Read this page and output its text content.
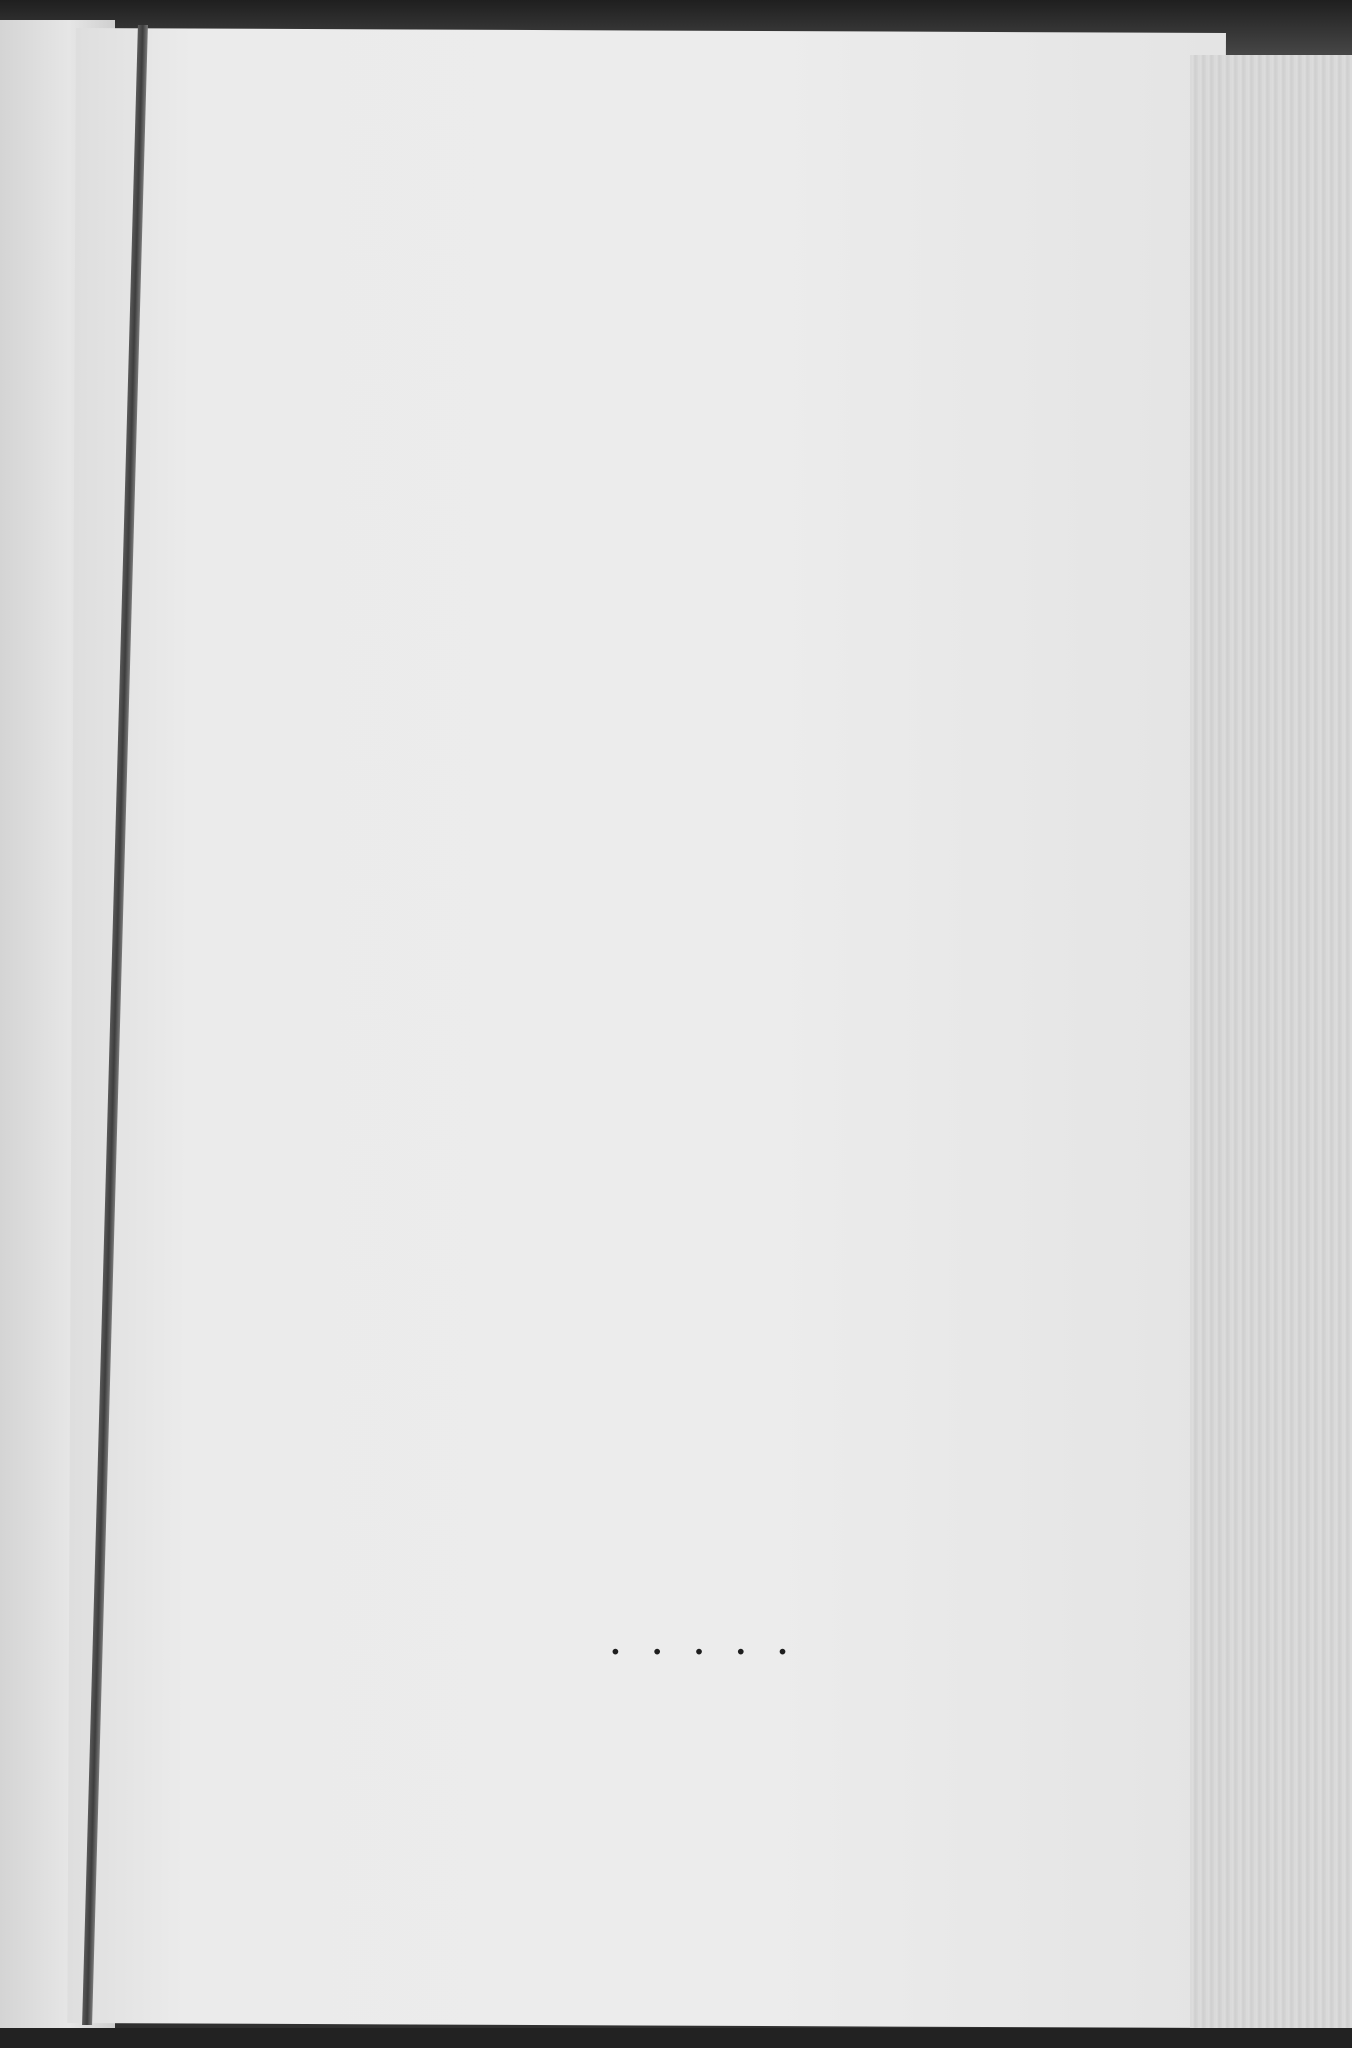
. . . . .
